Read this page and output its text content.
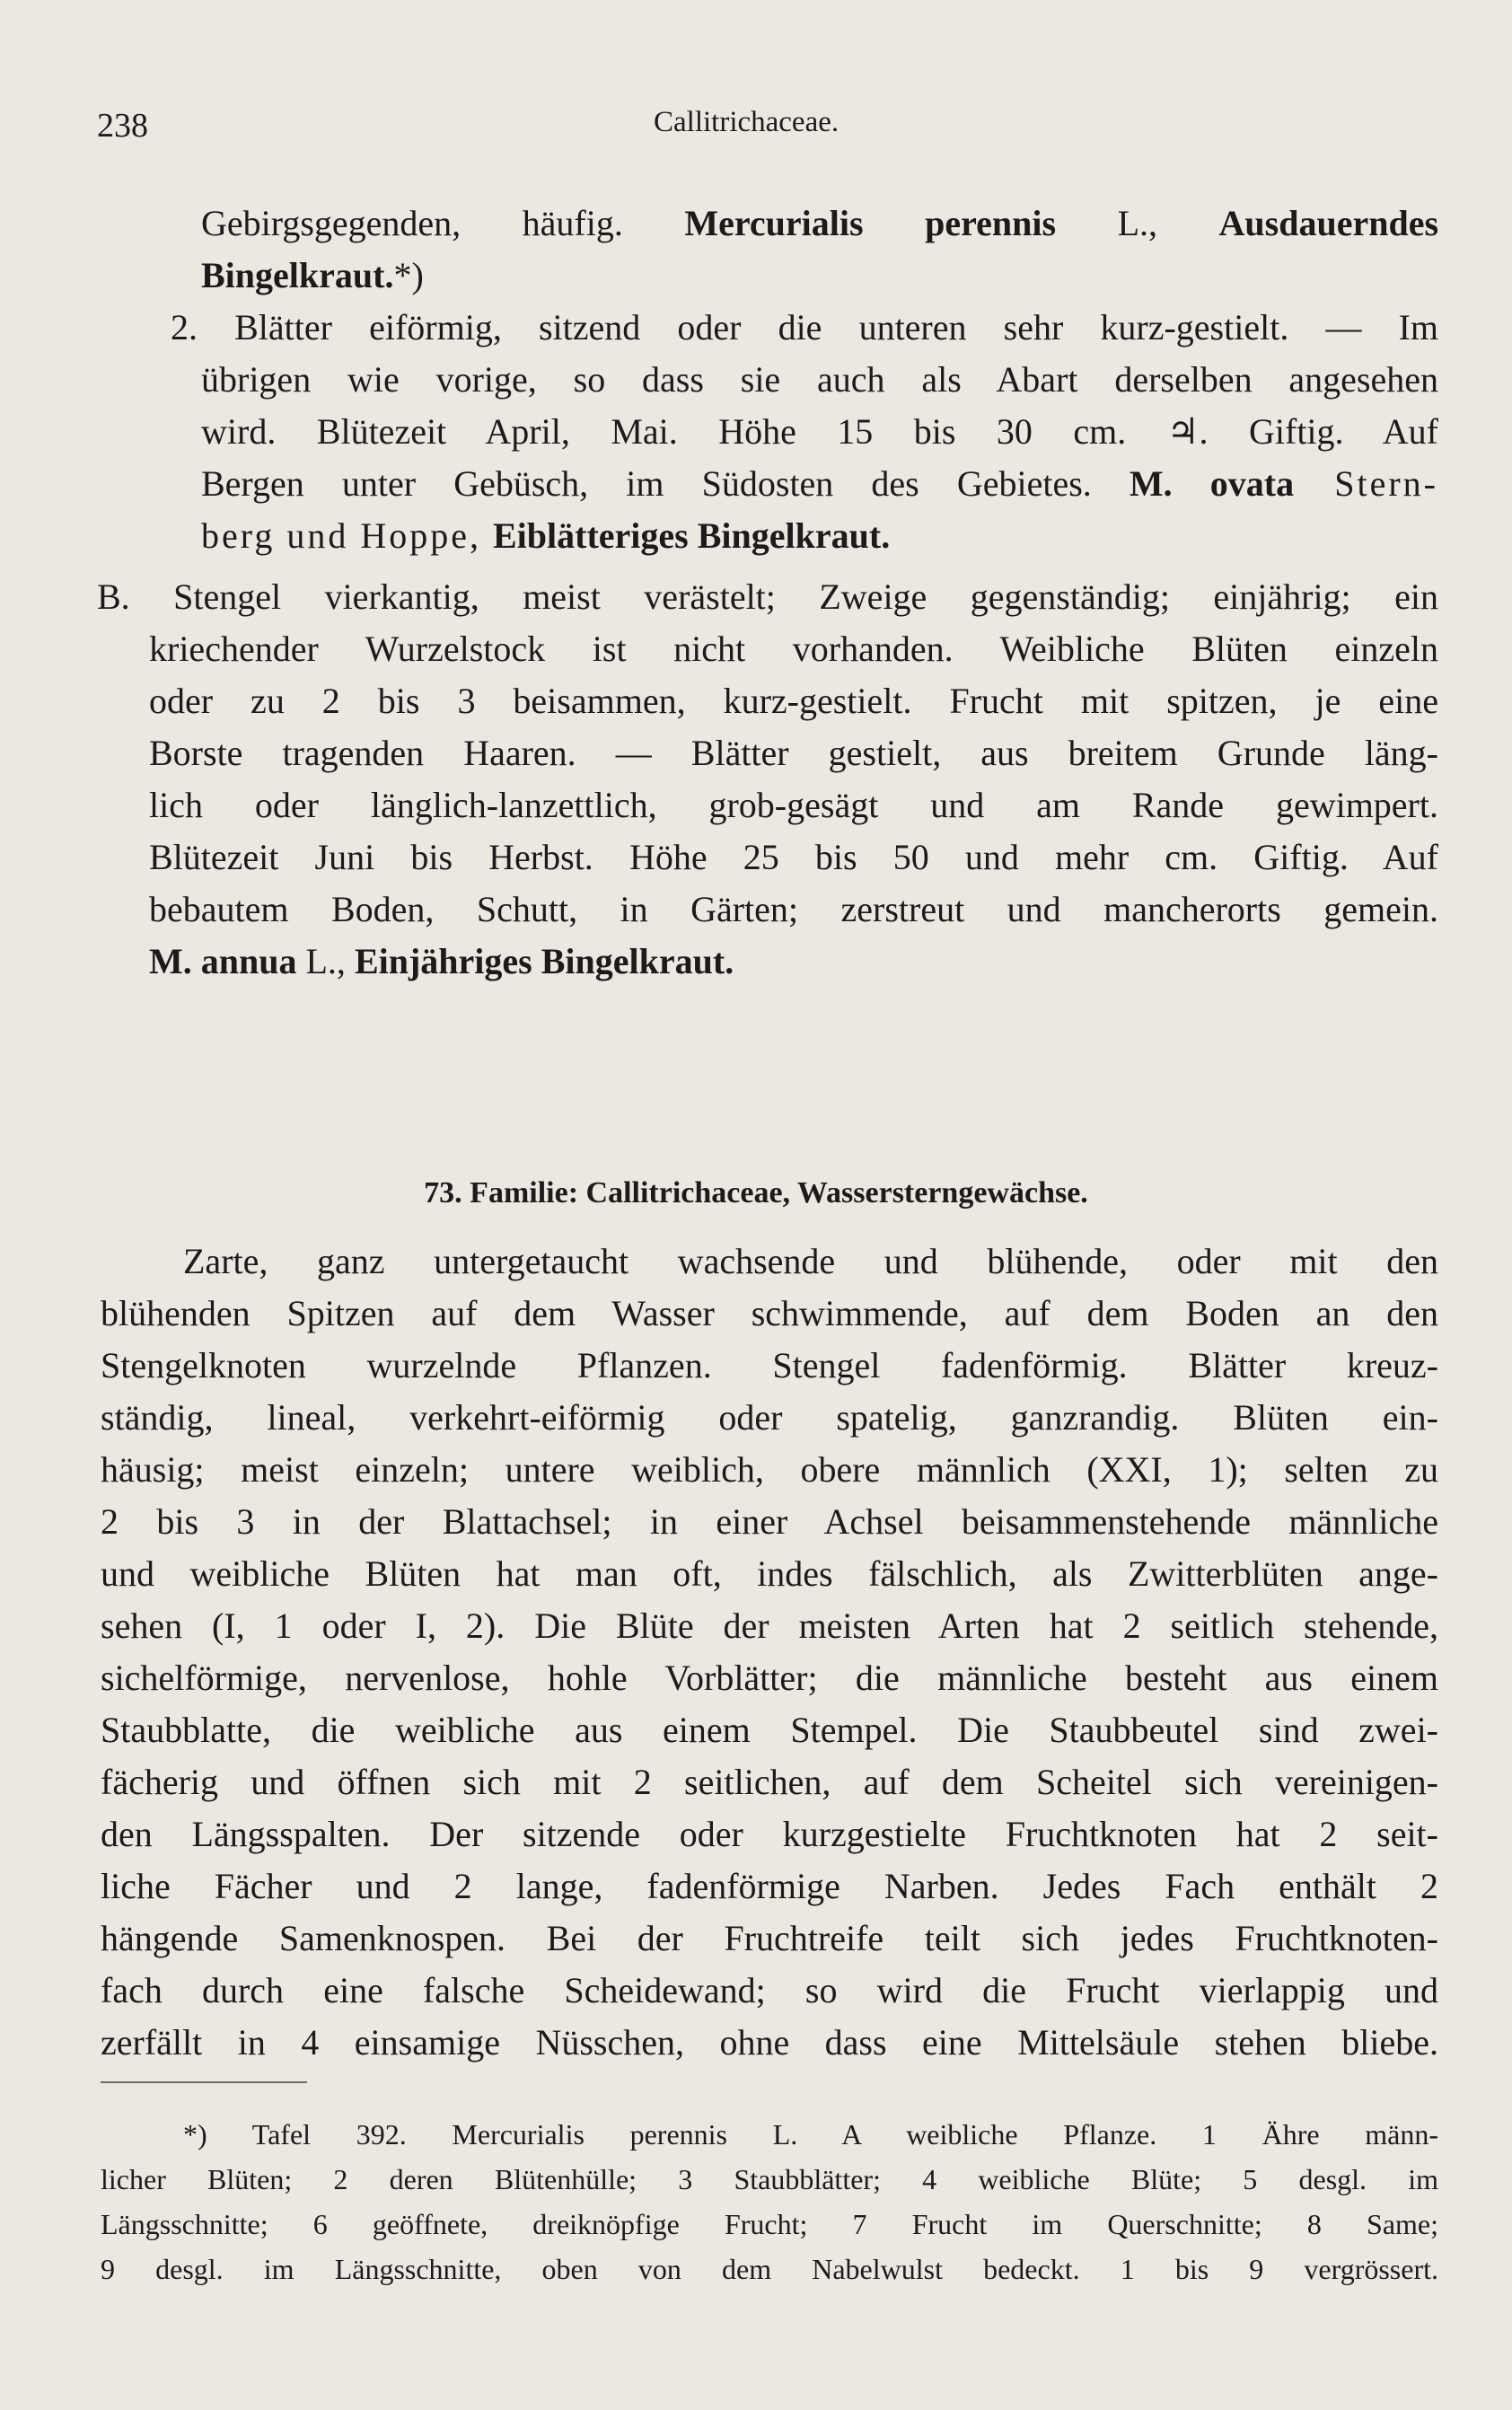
238	Callitrichaceae.
Gebirgsgegenden, häufig. Mercurialis perennis L., Ausdauerndes
Bingelkraut.*)
2. Blätter eiförmig, sitzend oder die unteren sehr kurz-gestielt. — Im
übrigen wie vorige, so dass sie auch als Abart derselben angesehen
wird. Blütezeit April, Mai. Höhe 15 bis 30 cm. ♃. Giftig. Auf
Bergen unter Gebüsch, im Südosten des Gebietes. M. ovata Stern-
berg und Hoppe, Eiblätteriges Bingelkraut.
B. Stengel vierkantig, meist verästelt; Zweige gegenständig; einjährig; ein
kriechender Wurzelstock ist nicht vorhanden. Weibliche Blüten einzeln
oder zu 2 bis 3 beisammen, kurz-gestielt. Frucht mit spitzen, je eine
Borste tragenden Haaren. — Blätter gestielt, aus breitem Grunde läng-
lich oder länglich-lanzettlich, grob-gesägt und am Rande gewimpert.
Blütezeit Juni bis Herbst. Höhe 25 bis 50 und mehr cm. Giftig. Auf
bebautem Boden, Schutt, in Gärten; zerstreut und mancherorts gemein.
M. annua L., Einjähriges Bingelkraut.
73. Familie: Callitrichaceae, Wassersterngewächse.
Zarte, ganz untergetaucht wachsende und blühende, oder mit den
blühenden Spitzen auf dem Wasser schwimmende, auf dem Boden an den
Stengelknoten wurzelnde Pflanzen. Stengel fadenförmig. Blätter kreuz-
ständig, lineal, verkehrt-eiförmig oder spatelig, ganzrandig. Blüten ein-
häusig; meist einzeln; untere weiblich, obere männlich (XXI, 1); selten zu
2 bis 3 in der Blattachsel; in einer Achsel beisammenstehende männliche
und weibliche Blüten hat man oft, indes fälschlich, als Zwitterblüten ange-
sehen (I, 1 oder I, 2). Die Blüte der meisten Arten hat 2 seitlich stehende,
sichelförmige, nervenlose, hohle Vorblätter; die männliche besteht aus einem
Staubblatte, die weibliche aus einem Stempel. Die Staubbeutel sind zwei-
fächerig und öffnen sich mit 2 seitlichen, auf dem Scheitel sich vereinigen-
den Längsspalten. Der sitzende oder kurzgestielte Fruchtknoten hat 2 seit-
liche Fächer und 2 lange, fadenförmige Narben. Jedes Fach enthält 2
hängende Samenknospen. Bei der Fruchtreife teilt sich jedes Fruchtknoten-
fach durch eine falsche Scheidewand; so wird die Frucht vierlappig und
zerfällt in 4 einsamige Nüsschen, ohne dass eine Mittelsäule stehen bliebe.
*) Tafel 392. Mercurialis perennis L. A weibliche Pflanze. 1 Ähre männ-
licher Blüten; 2 deren Blütenhülle; 3 Staubblätter; 4 weibliche Blüte; 5 desgl. im
Längsschnitte; 6 geöffnete, dreiknöpfige Frucht; 7 Frucht im Querschnitte; 8 Same;
9 desgl. im Längsschnitte, oben von dem Nabelwulst bedeckt. 1 bis 9 vergrössert.
